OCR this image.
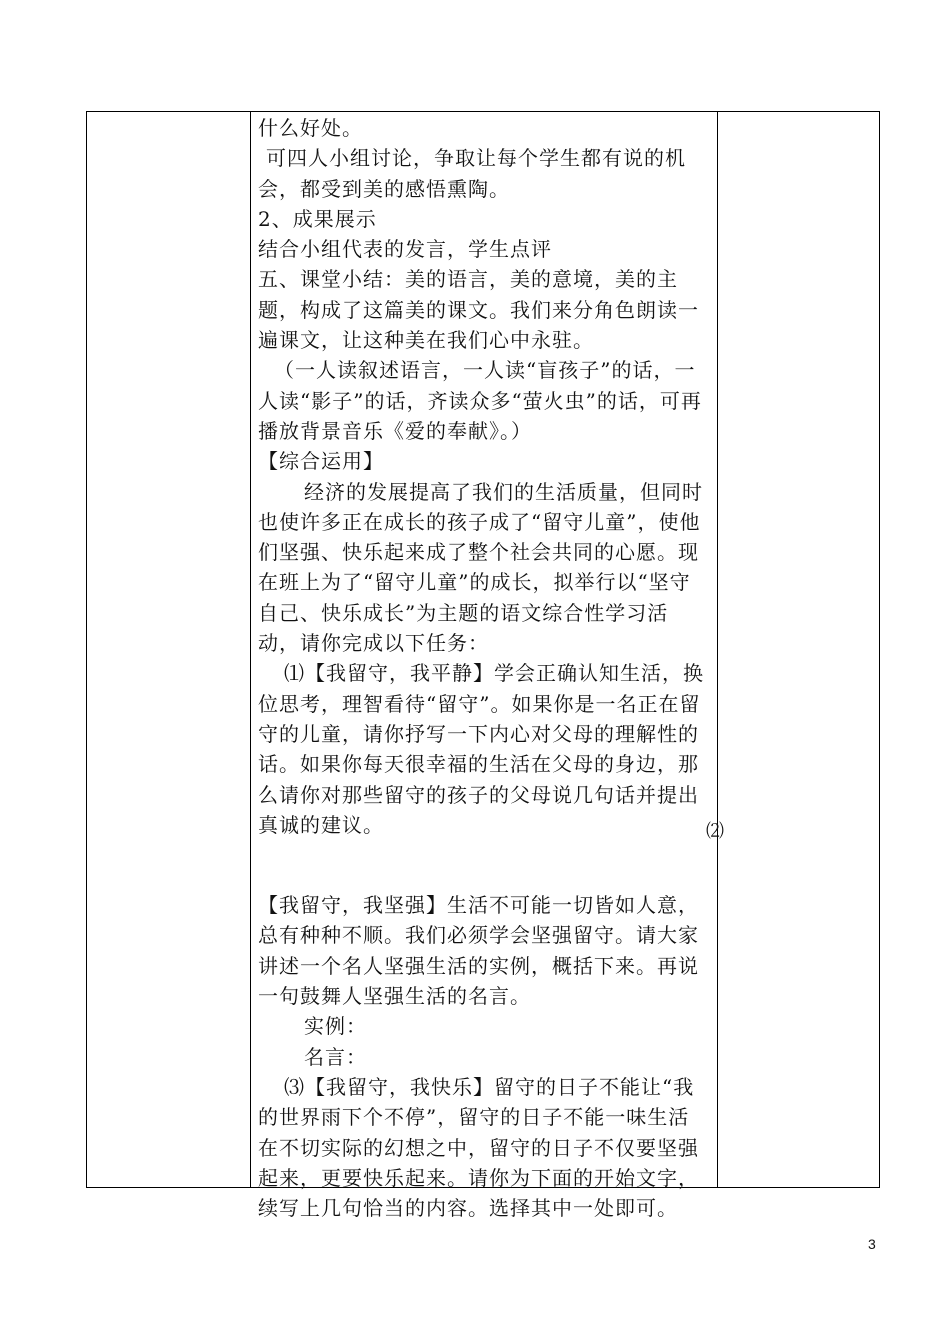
什么好处。

可四人小组讨论，争取让每个学生都有说的机会，都受到美的感悟熏陶。

2、成果展示

结合小组代表的发言，学生点评

五、课堂小结：美的语言，美的意境，美的主题，构成了这篇美的课文。我们来分角色朗读一遍课文，让这种美在我们心中永驻。

（一人读叙述语言，一人读“盲孩子”的话，一人读“影子”的话，齐读众多“萤火虫”的话，可再播放背景音乐《爱的奉献》。）

【综合运用】

经济的发展提高了我们的生活质量，但同时也使许多正在成长的孩子成了“留守儿童”，使他们坚强、快乐起来成了整个社会共同的心愿。现在班上为了“留守儿童”的成长，拟举行以“坚守自己、快乐成长”为主题的语文综合性学习活动，请你完成以下任务：

⑴【我留守，我平静】学会正确认知生活，换位思考，理智看待“留守”。如果你是一名正在留守的儿童，请你抒写一下内心对父母的理解性的话。如果你每天很幸福的生活在父母的身边，那么请你对那些留守的孩子的父母说几句话并提出真诚的建议。

【我留守，我坚强】生活不可能一切皆如人意，总有种种不顺。我们必须学会坚强留守。请大家讲述一个名人坚强生活的实例，概括下来。再说一句鼓舞人坚强生活的名言。

实例：

名言：

⑶【我留守，我快乐】留守的日子不能让“我的世界雨下个不停”，留守的日子不能一味生活在不切实际的幻想之中，留守的日子不仅要坚强起来，更要快乐起来。请你为下面的开始文字，续写上几句恰当的内容。选择其中一处即可。

⑵
3
